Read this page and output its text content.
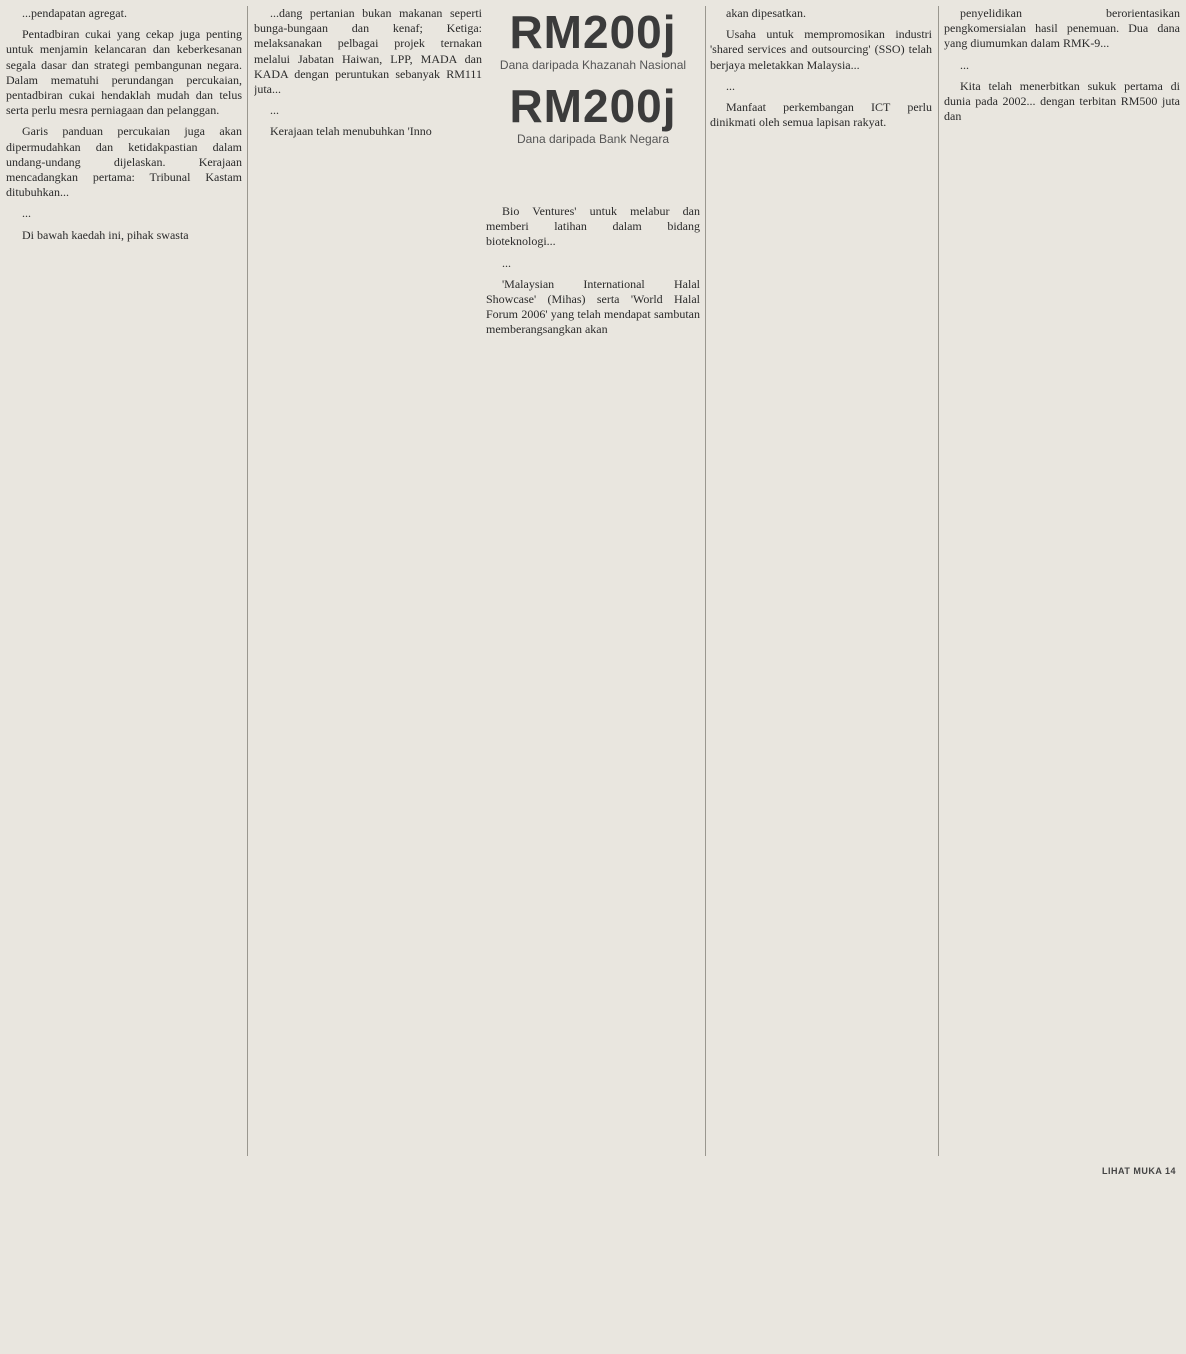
...pendapatan agregat.

Pentadbiran cukai yang cekap juga penting untuk menjamin kelancaran dan keberkesanan segala dasar dan strategi pembangunan negara. Dalam mematuhi perundangan percukaian, pentadbiran cukai hendaklah mudah dan telus serta perlu mesra perniagaan dan pelanggan.

Garis panduan percukaian juga akan dipermudahkan dan ketidakpastian dalam undang-undang dijelaskan. Kerajaan mencadangkan pertama: Tribunal Kastam ditubuhkan...

...

Di bawah kaedah ini, pihak swasta

...dang pertanian bukan makanan seperti bunga-bungaan dan kenaf; Ketiga: melaksanakan pelbagai projek ternakan melalui Jabatan Haiwan, LPP, MADA dan KADA dengan peruntukan sebanyak RM111 juta...

...

Kerajaan telah menubuhkan 'Inno

RM200j
Dana daripada Khazanah Nasional
RM200j
Dana daripada Bank Negara

Bio Ventures' untuk melabur dan memberi latihan dalam bidang bioteknologi...

...

'Malaysian International Halal Showcase' (Mihas) serta 'World Halal Forum 2006' yang telah mendapat sambutan memberangsangkan akan

akan dipesatkan.

Usaha untuk mempromosikan industri 'shared services and outsourcing' (SSO) telah berjaya meletakkan Malaysia...

...

Manfaat perkembangan ICT perlu dinikmati oleh semua lapisan rakyat.

penyelidikan berorientasikan pengkomersialan hasil penemuan. Dua dana yang diumumkan dalam RMK-9...

...

Kita telah menerbitkan sukuk pertama di dunia pada 2002... dengan terbitan RM500 juta dan

LIHAT MUKA 14
